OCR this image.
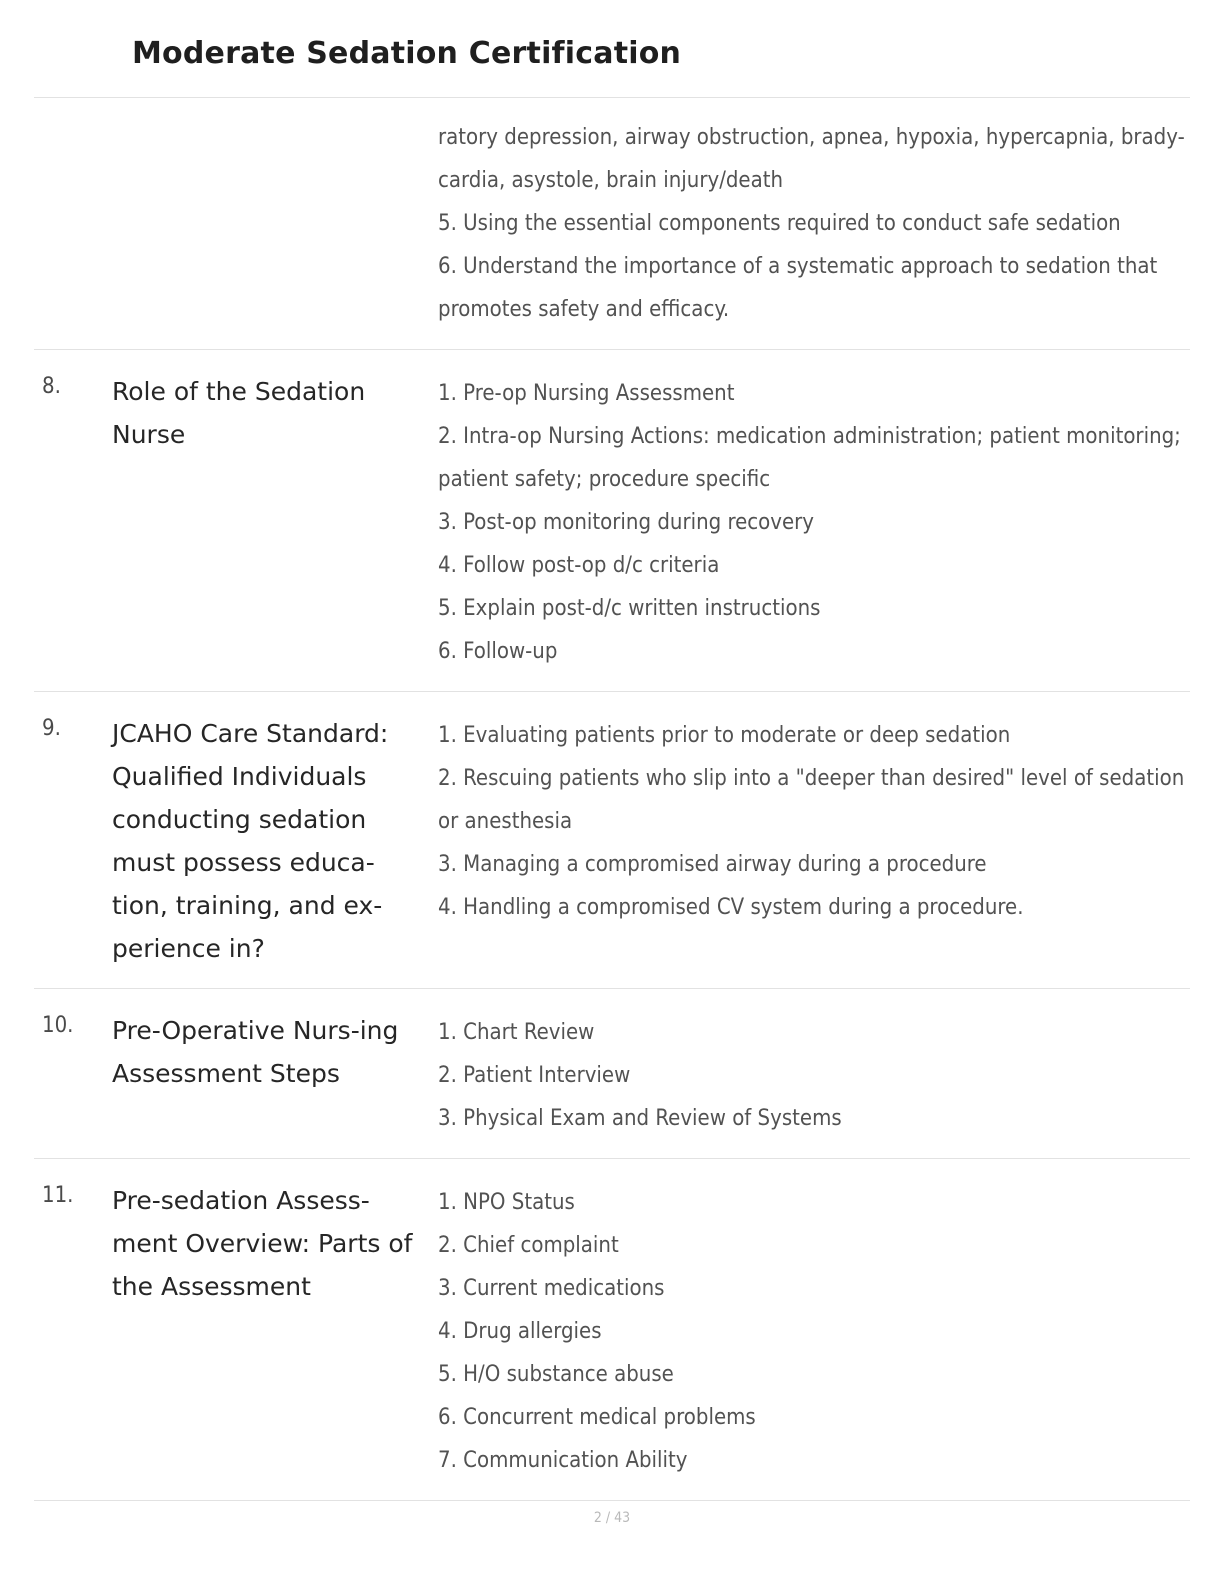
Moderate Sedation Certification
ratory depression, airway obstruction, apnea, hypoxia, hypercapnia, brady-
cardia, asystole, brain injury/death
5. Using the essential components required to conduct safe sedation
6. Understand the importance of a systematic approach to sedation that
promotes safety and efficacy.
8.	Role of the Sedation Nurse
1. Pre-op Nursing Assessment
2. Intra-op Nursing Actions: medication administration; patient monitoring;
patient safety; procedure specific
3. Post-op monitoring during recovery
4. Follow post-op d/c criteria
5. Explain post-d/c written instructions
6. Follow-up
9.	JCAHO Care Standard: Qualified Individuals conducting sedation must possess educa-tion, training, and ex-perience in?
1. Evaluating patients prior to moderate or deep sedation
2. Rescuing patients who slip into a "deeper than desired" level of sedation
or anesthesia
3. Managing a compromised airway during a procedure
4. Handling a compromised CV system during a procedure.
10.	Pre-Operative Nurs-ing Assessment Steps
1. Chart Review
2. Patient Interview
3. Physical Exam and Review of Systems
11.	Pre-sedation Assess-ment Overview: Parts of the Assessment
1. NPO Status
2. Chief complaint
3. Current medications
4. Drug allergies
5. H/O substance abuse
6. Concurrent medical problems
7. Communication Ability
2 / 43
